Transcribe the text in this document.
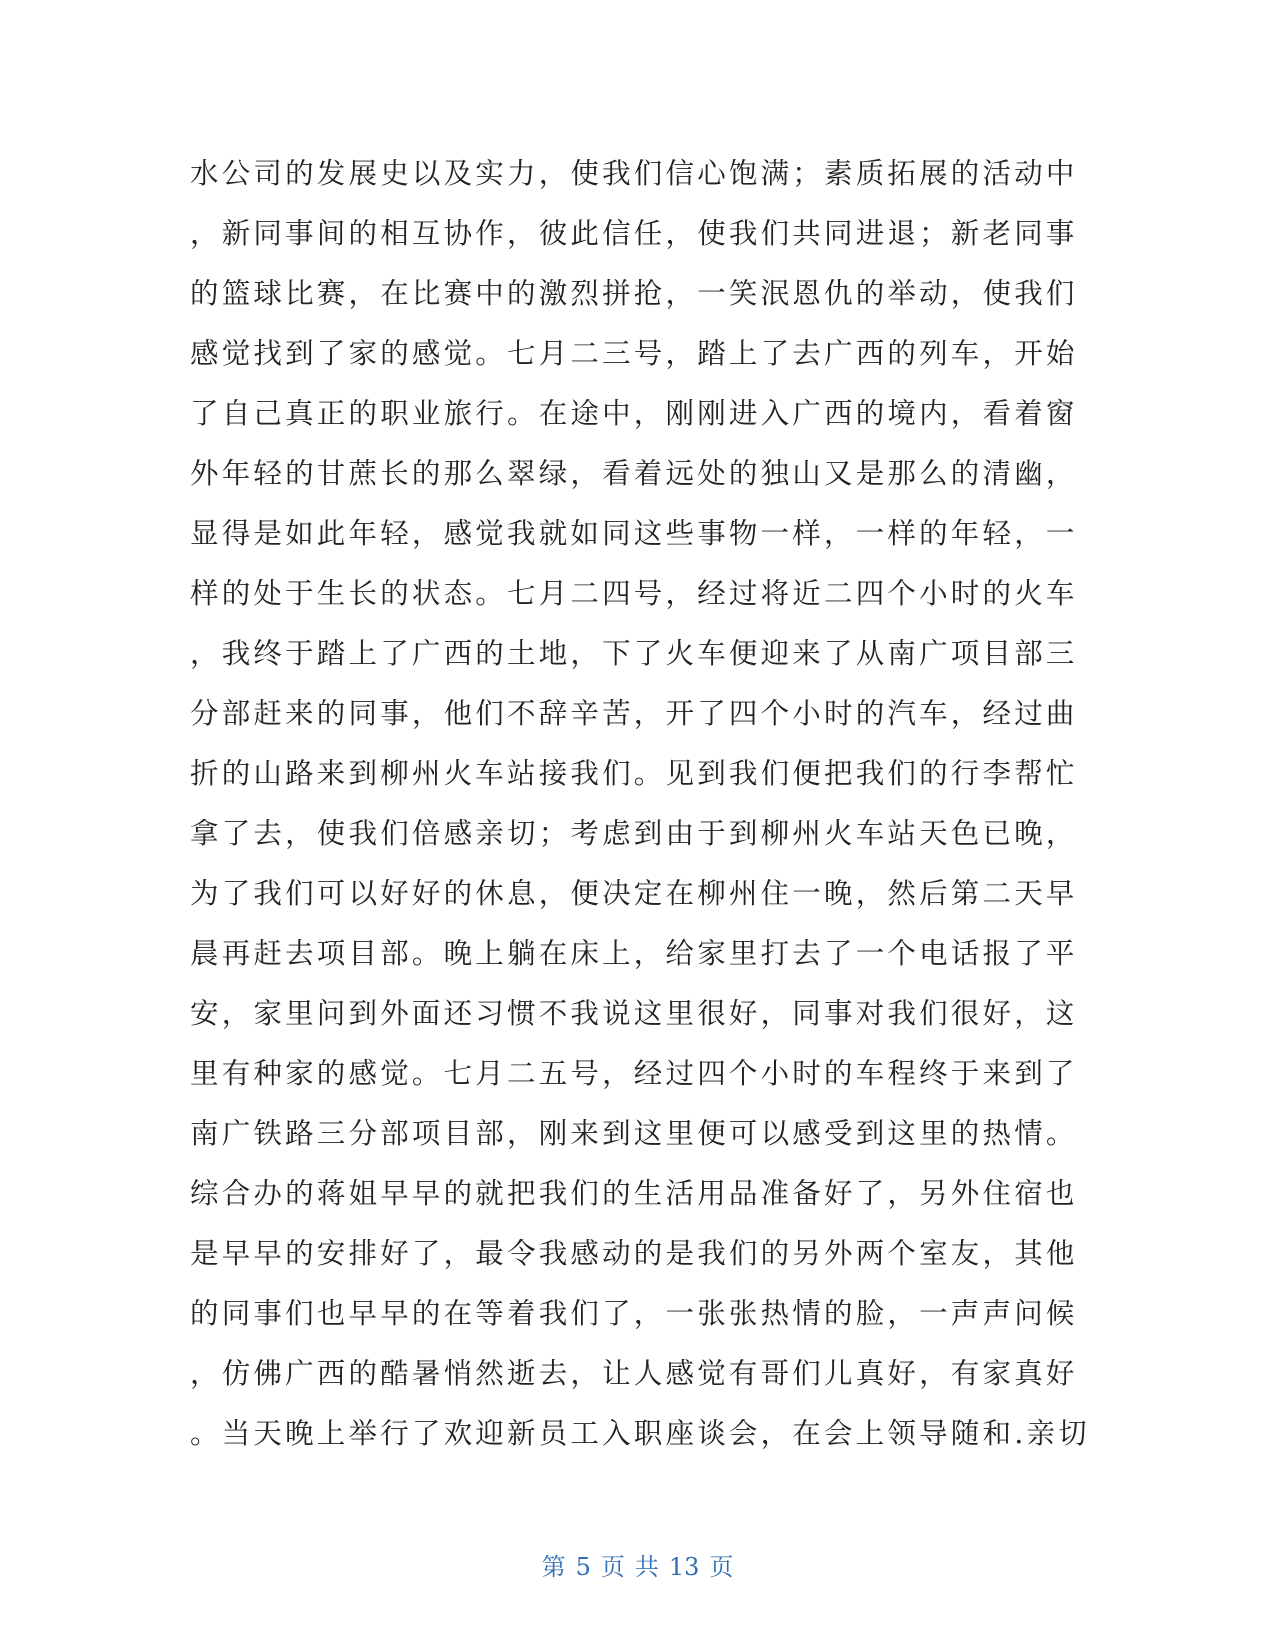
水公司的发展史以及实力，使我们信心饱满；素质拓展的活动中
，新同事间的相互协作，彼此信任，使我们共同进退；新老同事
的篮球比赛，在比赛中的激烈拼抢，一笑泯恩仇的举动，使我们
感觉找到了家的感觉。七月二三号，踏上了去广西的列车，开始
了自己真正的职业旅行。在途中，刚刚进入广西的境内，看着窗
外年轻的甘蔗长的那么翠绿，看着远处的独山又是那么的清幽，
显得是如此年轻，感觉我就如同这些事物一样，一样的年轻，一
样的处于生长的状态。七月二四号，经过将近二四个小时的火车
，我终于踏上了广西的土地，下了火车便迎来了从南广项目部三
分部赶来的同事，他们不辞辛苦，开了四个小时的汽车，经过曲
折的山路来到柳州火车站接我们。见到我们便把我们的行李帮忙
拿了去，使我们倍感亲切；考虑到由于到柳州火车站天色已晚，
为了我们可以好好的休息，便决定在柳州住一晚，然后第二天早
晨再赶去项目部。晚上躺在床上，给家里打去了一个电话报了平
安，家里问到外面还习惯不我说这里很好，同事对我们很好，这
里有种家的感觉。七月二五号，经过四个小时的车程终于来到了
南广铁路三分部项目部，刚来到这里便可以感受到这里的热情。
综合办的蒋姐早早的就把我们的生活用品准备好了，另外住宿也
是早早的安排好了，最令我感动的是我们的另外两个室友，其他
的同事们也早早的在等着我们了，一张张热情的脸，一声声问候
，仿佛广西的酷暑悄然逝去，让人感觉有哥们儿真好，有家真好
。当天晚上举行了欢迎新员工入职座谈会，在会上领导随和.亲切
第 5 页 共 13 页
